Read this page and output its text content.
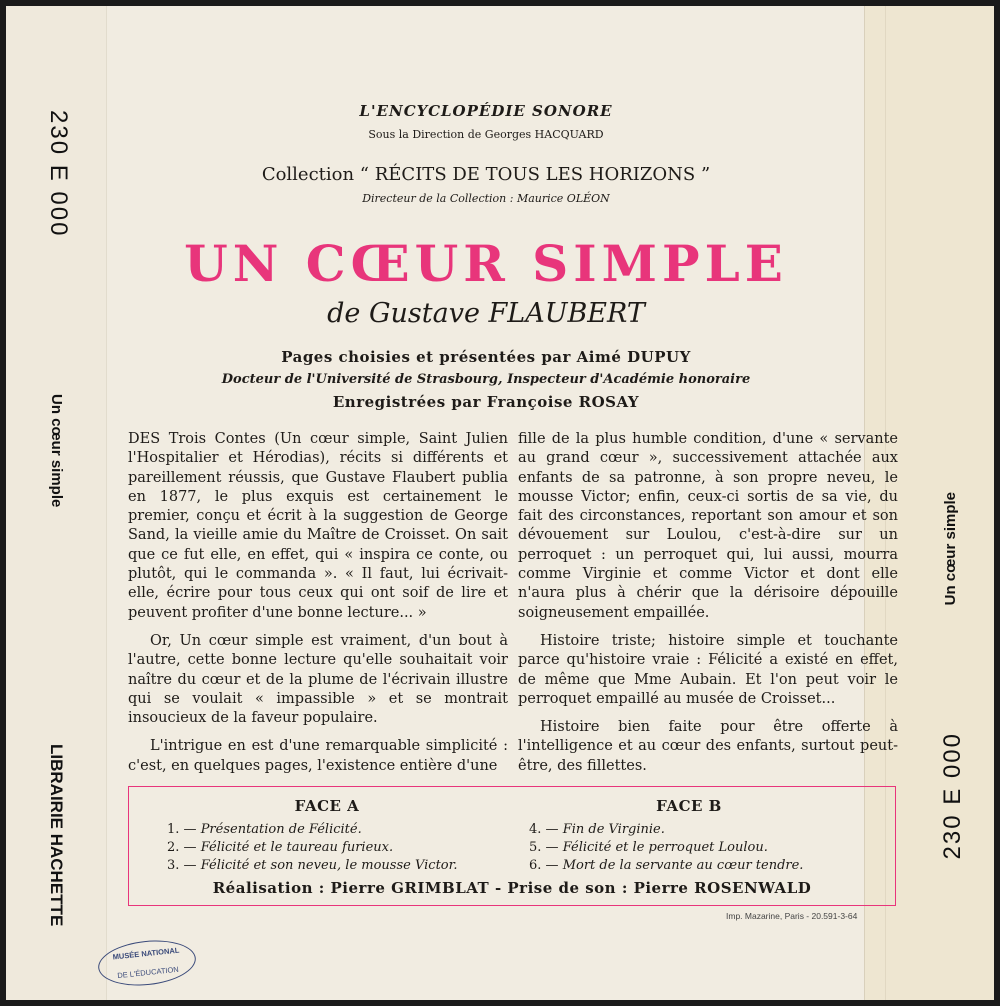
230 E 000
Un cœur simple
LIBRAIRIE HACHETTE
Un cœur simple
230 E 000
L'ENCYCLOPÉDIE SONORE
Sous la Direction de Georges HACQUARD
Collection “ RÉCITS DE TOUS LES HORIZONS ”
Directeur de la Collection : Maurice OLÉON
UN CŒUR SIMPLE
de Gustave FLAUBERT
Pages choisies et présentées par Aimé DUPUY
Docteur de l'Université de Strasbourg, Inspecteur d'Académie honoraire
Enregistrées par Françoise ROSAY

DES Trois Contes (Un cœur simple, Saint Julien l'Hospitalier et Hérodias), récits si différents et pareillement réussis, que Gustave Flaubert publia en 1877, le plus exquis est certainement le premier, conçu et écrit à la suggestion de George Sand, la vieille amie du Maître de Croisset. On sait que ce fut elle, en effet, qui « inspira ce conte, ou plutôt, qui le commanda ». « Il faut, lui écrivait-elle, écrire pour tous ceux qui ont soif de lire et peuvent profiter d'une bonne lecture... »

Or, Un cœur simple est vraiment, d'un bout à l'autre, cette bonne lecture qu'elle souhaitait voir naître du cœur et de la plume de l'écrivain illustre qui se voulait « impassible » et se montrait insoucieux de la faveur populaire.

L'intrigue en est d'une remarquable simplicité : c'est, en quelques pages, l'existence entière d'une

fille de la plus humble condition, d'une « servante au grand cœur », successivement attachée aux enfants de sa patronne, à son propre neveu, le mousse Victor; enfin, ceux-ci sortis de sa vie, du fait des circonstances, reportant son amour et son dévouement sur Loulou, c'est-à-dire sur un perroquet : un perroquet qui, lui aussi, mourra comme Virginie et comme Victor et dont elle n'aura plus à chérir que la dérisoire dépouille soigneusement empaillée.

Histoire triste; histoire simple et touchante parce qu'histoire vraie : Félicité a existé en effet, de même que Mme Aubain. Et l'on peut voir le perroquet empaillé au musée de Croisset...

Histoire bien faite pour être offerte à l'intelligence et au cœur des enfants, surtout peut-être, des fillettes.

FACE A
1. — Présentation de Félicité.
2. — Félicité et le taureau furieux.
3. — Félicité et son neveu, le mousse Victor.
FACE B
4. — Fin de Virginie.
5. — Félicité et le perroquet Loulou.
6. — Mort de la servante au cœur tendre.
Réalisation : Pierre GRIMBLAT - Prise de son : Pierre ROSENWALD
Imp. Mazarine, Paris - 20.591-3-64
MUSÉE NATIONAL
DE L'ÉDUCATION
